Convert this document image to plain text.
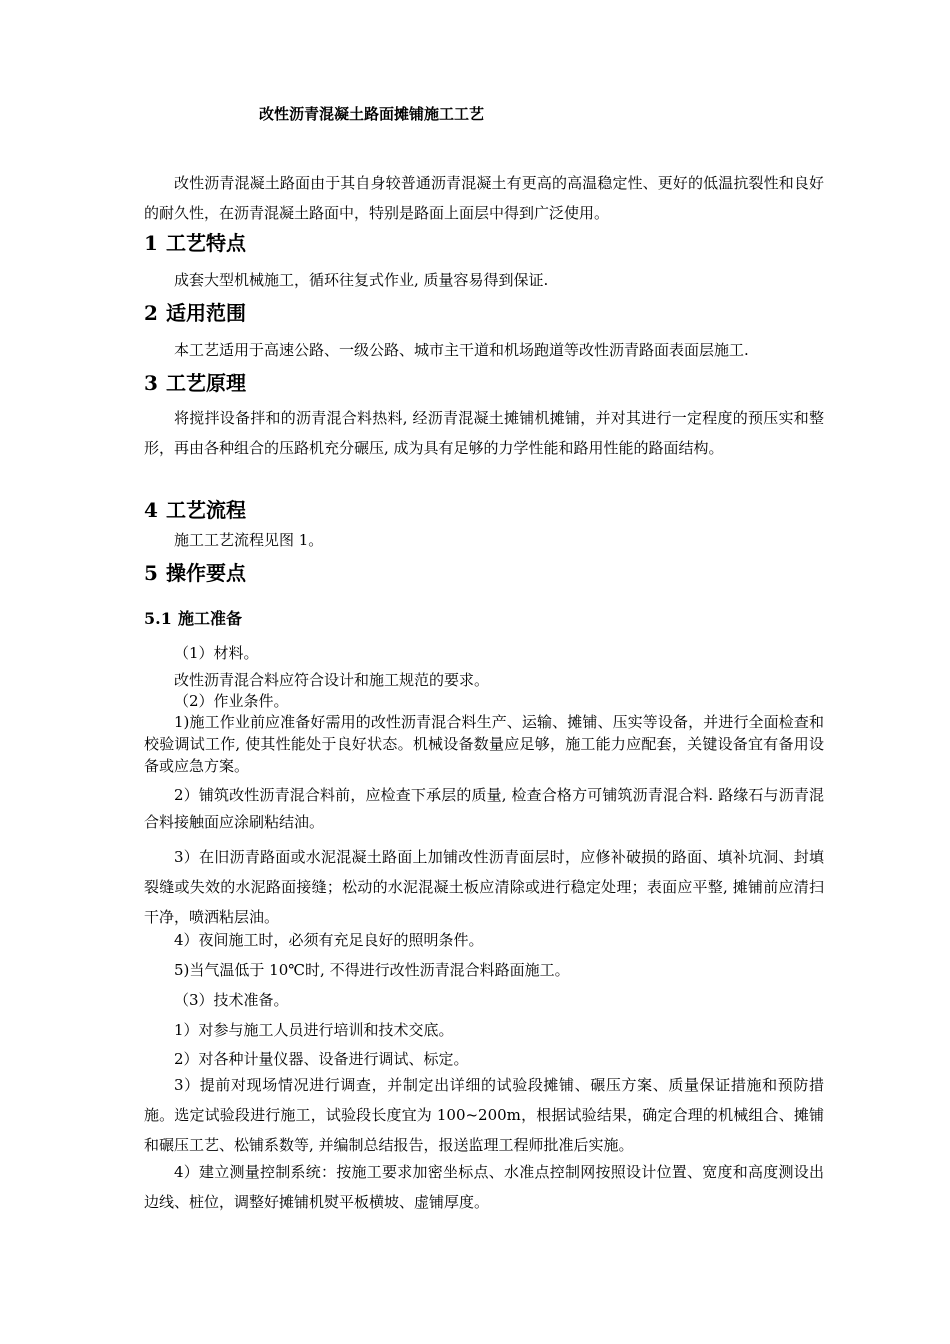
改性沥青混凝土路面摊铺施工工艺

改性沥青混凝土路面由于其自身较普通沥青混凝土有更高的高温稳定性、更好的低温抗裂性和良好的耐久性，在沥青混凝土路面中，特别是路面上面层中得到广泛使用。

1 工艺特点

成套大型机械施工，循环往复式作业, 质量容易得到保证.

2 适用范围

本工艺适用于高速公路、一级公路、城市主干道和机场跑道等改性沥青路面表面层施工.

3 工艺原理

将搅拌设备拌和的沥青混合料热料, 经沥青混凝土摊铺机摊铺，并对其进行一定程度的预压实和整形，再由各种组合的压路机充分碾压, 成为具有足够的力学性能和路用性能的路面结构。

4 工艺流程

施工工艺流程见图 1。

5 操作要点
5.1 施工准备

（1）材料。

改性沥青混合料应符合设计和施工规范的要求。

（2）作业条件。

1)施工作业前应准备好需用的改性沥青混合料生产、运输、摊铺、压实等设备，并进行全面检查和校验调试工作, 使其性能处于良好状态。机械设备数量应足够，施工能力应配套，关键设备宜有备用设备或应急方案。

2）铺筑改性沥青混合料前，应检查下承层的质量, 检查合格方可铺筑沥青混合料. 路缘石与沥青混合料接触面应涂刷粘结油。

3）在旧沥青路面或水泥混凝土路面上加铺改性沥青面层时，应修补破损的路面、填补坑洞、封填裂缝或失效的水泥路面接缝；松动的水泥混凝土板应清除或进行稳定处理；表面应平整, 摊铺前应清扫干净，喷洒粘层油。

4）夜间施工时，必须有充足良好的照明条件。

5)当气温低于 10℃时, 不得进行改性沥青混合料路面施工。

（3）技术准备。

1）对参与施工人员进行培训和技术交底。

2）对各种计量仪器、设备进行调试、标定。

3）提前对现场情况进行调查，并制定出详细的试验段摊铺、碾压方案、质量保证措施和预防措施。选定试验段进行施工，试验段长度宜为 100~200m，根据试验结果，确定合理的机械组合、摊铺和碾压工艺、松铺系数等, 并编制总结报告，报送监理工程师批准后实施。

4）建立测量控制系统：按施工要求加密坐标点、水准点控制网按照设计位置、宽度和高度测设出边线、桩位，调整好摊铺机熨平板横坡、虚铺厚度。
